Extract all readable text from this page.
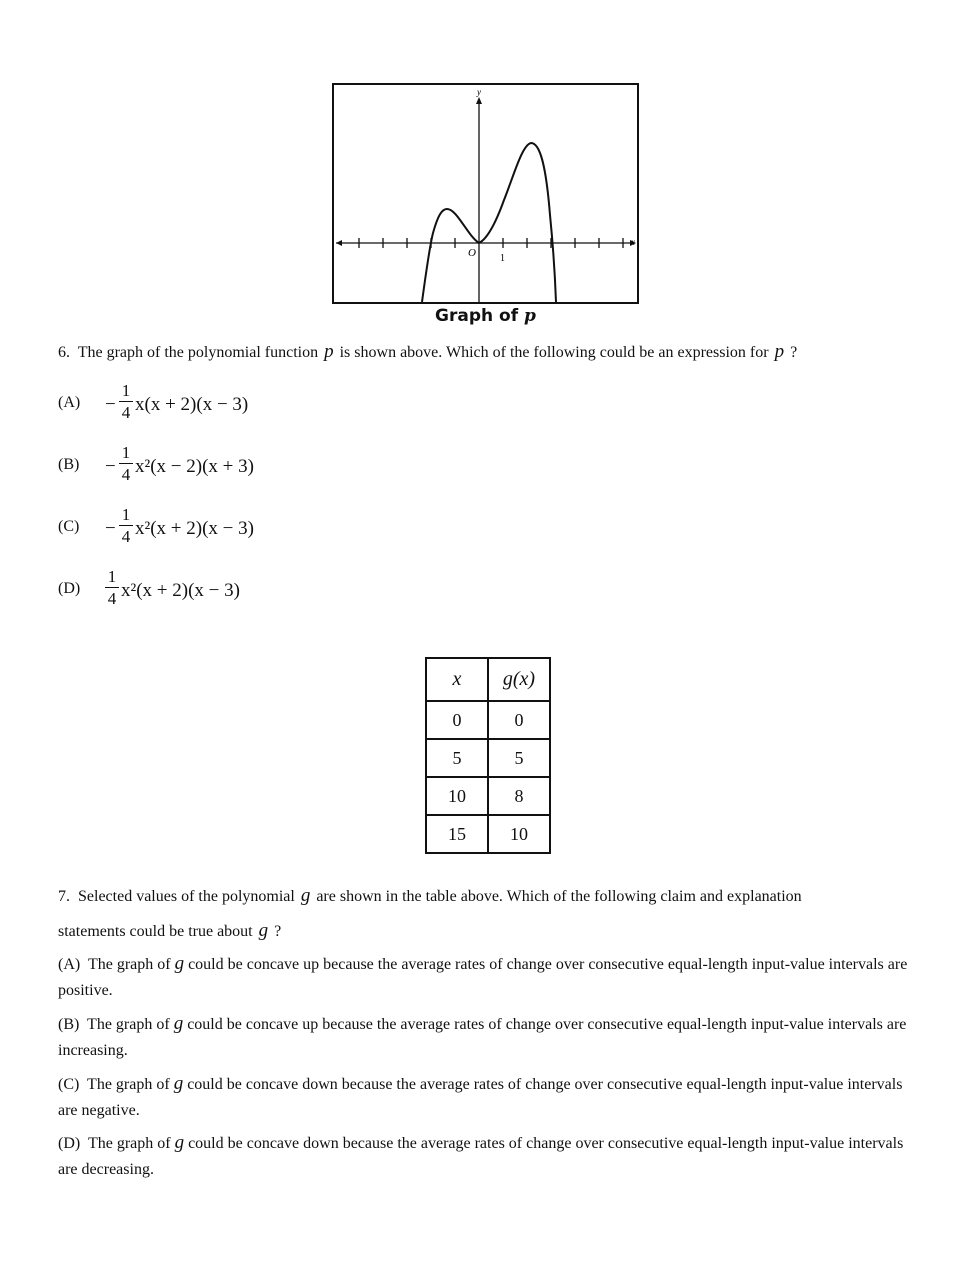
y
x
O 1
Graph of p
6. The graph of the polynomial function p is shown above. Which of the following could be an expression for p ?
$(A) - \frac{1}{4} x(x + 2)(x - 3)$
$(B) - \frac{1}{4} x^2(x - 2)(x + 3)$
$(C) - \frac{1}{4} x^2(x + 2)(x - 3)$
$(D) \frac{1}{4} x^2(x + 2)(x - 3)$
x	g(x)
0	0
5	5
10	8
15	10
7. Selected values of the polynomial g are shown in the table above. Which of the following claim and explanation
statements could be true about g ?
(A) The graph of g could be concave up because the average rates of change over consecutive equal-length input-value intervals are positive.
(B) The graph of g could be concave up because the average rates of change over consecutive equal-length input-value intervals are increasing.
(C) The graph of g could be concave down because the average rates of change over consecutive equal-length input-value intervals are negative.
(D) The graph of g could be concave down because the average rates of change over consecutive equal-length input-value intervals are decreasing.
